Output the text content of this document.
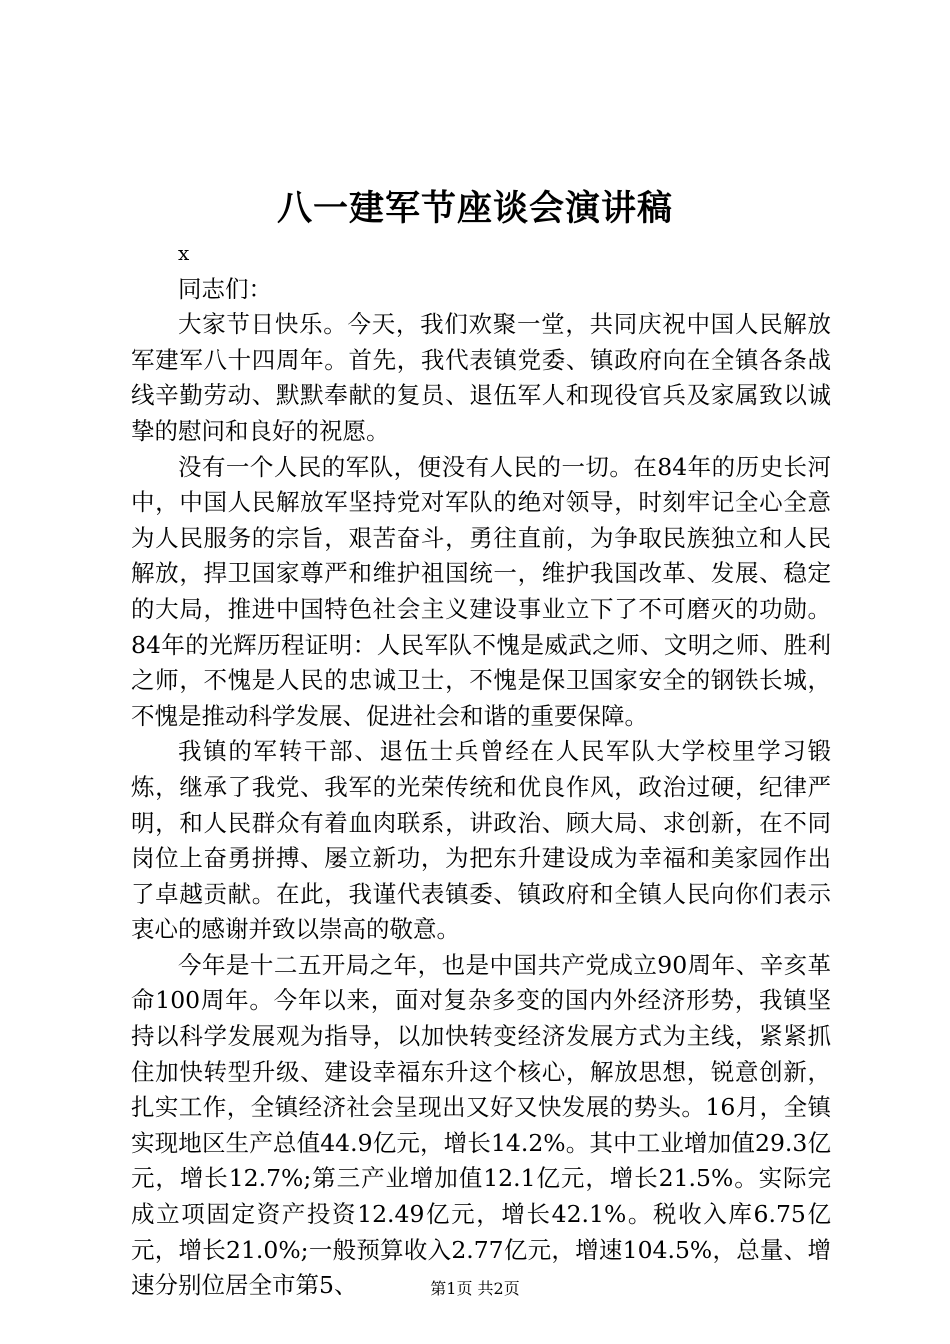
八一建军节座谈会演讲稿

x

同志们：

大家节日快乐。今天，我们欢聚一堂，共同庆祝中国人民解放军建军八十四周年。首先，我代表镇党委、镇政府向在全镇各条战线辛勤劳动、默默奉献的复员、退伍军人和现役官兵及家属致以诚挚的慰问和良好的祝愿。

没有一个人民的军队，便没有人民的一切。在84年的历史长河中，中国人民解放军坚持党对军队的绝对领导，时刻牢记全心全意为人民服务的宗旨，艰苦奋斗，勇往直前，为争取民族独立和人民解放，捍卫国家尊严和维护祖国统一，维护我国改革、发展、稳定的大局，推进中国特色社会主义建设事业立下了不可磨灭的功勋。84年的光辉历程证明：人民军队不愧是威武之师、文明之师、胜利之师，不愧是人民的忠诚卫士，不愧是保卫国家安全的钢铁长城，不愧是推动科学发展、促进社会和谐的重要保障。

我镇的军转干部、退伍士兵曾经在人民军队大学校里学习锻炼，继承了我党、我军的光荣传统和优良作风，政治过硬，纪律严明，和人民群众有着血肉联系，讲政治、顾大局、求创新，在不同岗位上奋勇拼搏、屡立新功，为把东升建设成为幸福和美家园作出了卓越贡献。在此，我谨代表镇委、镇政府和全镇人民向你们表示衷心的感谢并致以崇高的敬意。

今年是十二五开局之年，也是中国共产党成立90周年、辛亥革命100周年。今年以来，面对复杂多变的国内外经济形势，我镇坚持以科学发展观为指导，以加快转变经济发展方式为主线，紧紧抓住加快转型升级、建设幸福东升这个核心，解放思想，锐意创新，扎实工作，全镇经济社会呈现出又好又快发展的势头。16月，全镇实现地区生产总值44.9亿元，增长14.2%。其中工业增加值29.3亿元，增长12.7%;第三产业增加值12.1亿元，增长21.5%。实际完成立项固定资产投资12.49亿元，增长42.1%。税收入库6.75亿元，增长21.0%;一般预算收入2.77亿元，增速104.5%，总量、增速分别位居全市第5、	第1页 共2页
